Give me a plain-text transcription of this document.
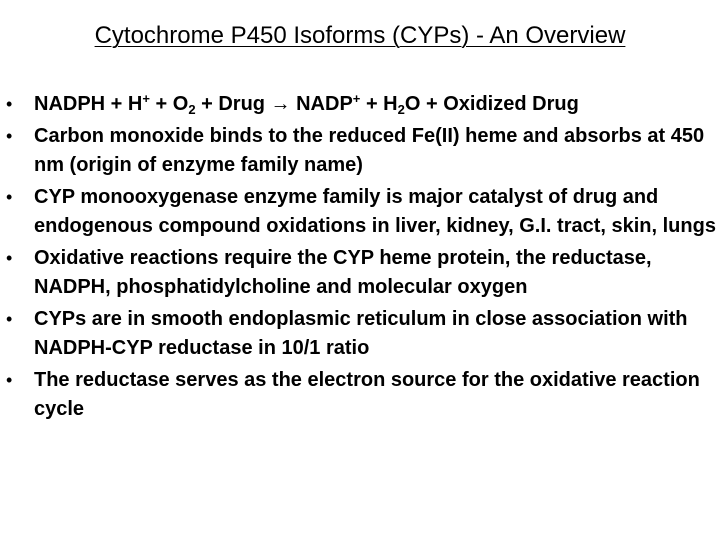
Cytochrome P450 Isoforms (CYPs) - An Overview
• NADPH + $H^+ + O_2$ + Drug → NADP+ + $H_2O$ + Oxidized Drug
• Carbon monoxide binds to the reduced Fe(II) heme and absorbs at 450 nm (origin of enzyme family name)
• CYP monooxygenase enzyme family is major catalyst of drug and endogenous compound oxidations in liver, kidney, G.I. tract, skin, lungs
• Oxidative reactions require the CYP heme protein, the reductase, NADPH, phosphatidylcholine and molecular oxygen
• CYPs are in smooth endoplasmic reticulum in close association with NADPH-CYP reductase in 10/1 ratio
• The reductase serves as the electron source for the oxidative reaction cycle
